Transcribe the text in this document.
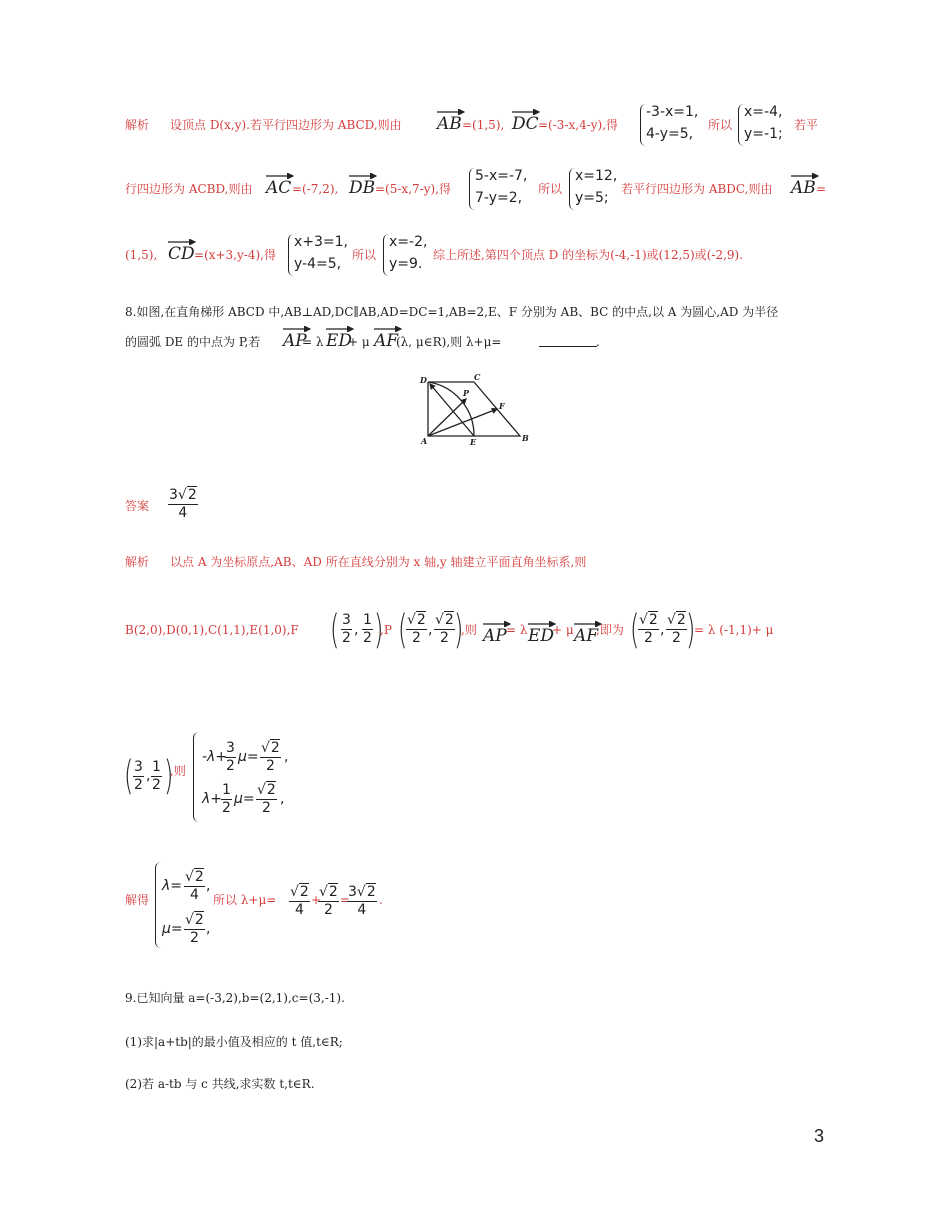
解析 设顶点 D(x,y).若平行四边形为 ABCD,则由 AB =(1,5), DC =(-3-x,4-y),得
-3-x=1,
4-y=5,
所以
x=-4,
y=-1;
若平
行四边形为 ACBD,则由 AC =(-7,2), DB =(5-x,7-y),得
5-x=-7,
7-y=2,
所以
x=12,
y=5;
若平行四边形为 ABDC,则由 AB =
(1,5), CD =(x+3,y-4),得
x+3=1,
y-4=5,
所以
x=-2,
y=9.
综上所述,第四个顶点 D 的坐标为(-4,-1)或(12,5)或(-2,9).
8.如图,在直角梯形 ABCD 中,AB⊥AD,DC∥AB,AD=DC=1,AB=2,E、F 分别为 AB、BC 的中点,以 A 为圆心,AD 为半径
的圆弧 DE 的中点为 P,若 AP
= λ ED
+ μ AF
(λ, μ∈R),则 λ+μ=	.
D	C
P
F
A	E	B
答案 $\frac{3√2}{4}$
解析 以点 A 为坐标原点,AB、AD 所在直线分别为 x 轴,y 轴建立平面直角坐标系,则
B(2,0),D(0,1),C(1,1),E(1,0),F ( $\frac{3}{2}$ , $\frac{1}{2}$ )
,P (
$\frac{√2}{2}$ , $\frac{√2}{2}$ )
,则 AP = λ ED
+ μ AF
,即为 (
$\frac{√2}{2}$ , $\frac{√2}{2}$ )
= λ (-1,1)+ μ
( $\frac{3}{2}$ , $\frac{1}{2}$ )
,则
-λ+
$\frac{3}{2} \mu= \frac{√2}{2}$ ,
λ+
$\frac{1}{2} \mu= \frac{√2}{2}$ ,
解得
$\lambda= \frac{√2}{4}$ ,
$\mu= \frac{√2}{2}$ ,
所以 $\lambda+\mu= \frac{√2}{4}$ +
$\frac{√2}{2}$ =
$\frac{3√2}{4}$ .
9.已知向量 a=(-3,2),b=(2,1),c=(3,-1).
(1)求|a+tb|的最小值及相应的 t 值,t∈R;
(2)若 a-tb 与 c 共线,求实数 t,t∈R.
3
